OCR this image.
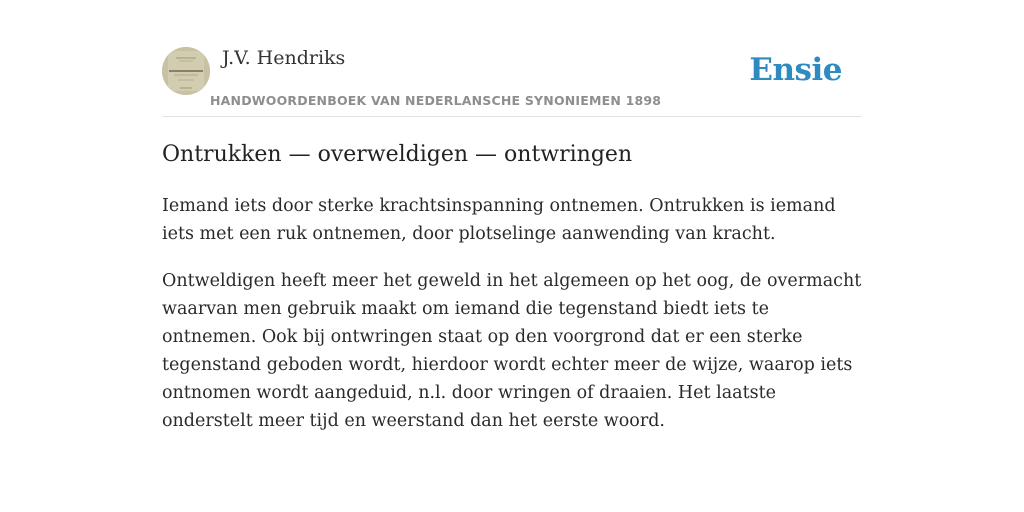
J.V. Hendriks
HANDWOORDENBOEK VAN NEDERLANSCHE SYNONIEMEN 1898
Ensie
Ontrukken — overweldigen — ontwringen

Iemand iets door sterke krachtsinspanning ontnemen. Ontrukken is iemand iets met een ruk ontnemen, door plotselinge aanwending van kracht.

Ontweldigen heeft meer het geweld in het algemeen op het oog, de overmacht waarvan men gebruik maakt om iemand die tegenstand biedt iets te ontnemen. Ook bij ontwringen staat op den voorgrond dat er een sterke tegenstand geboden wordt, hierdoor wordt echter meer de wijze, waarop iets ontnomen wordt aangeduid, n.l. door wringen of draaien. Het laatste onderstelt meer tijd en weerstand dan het eerste woord.
